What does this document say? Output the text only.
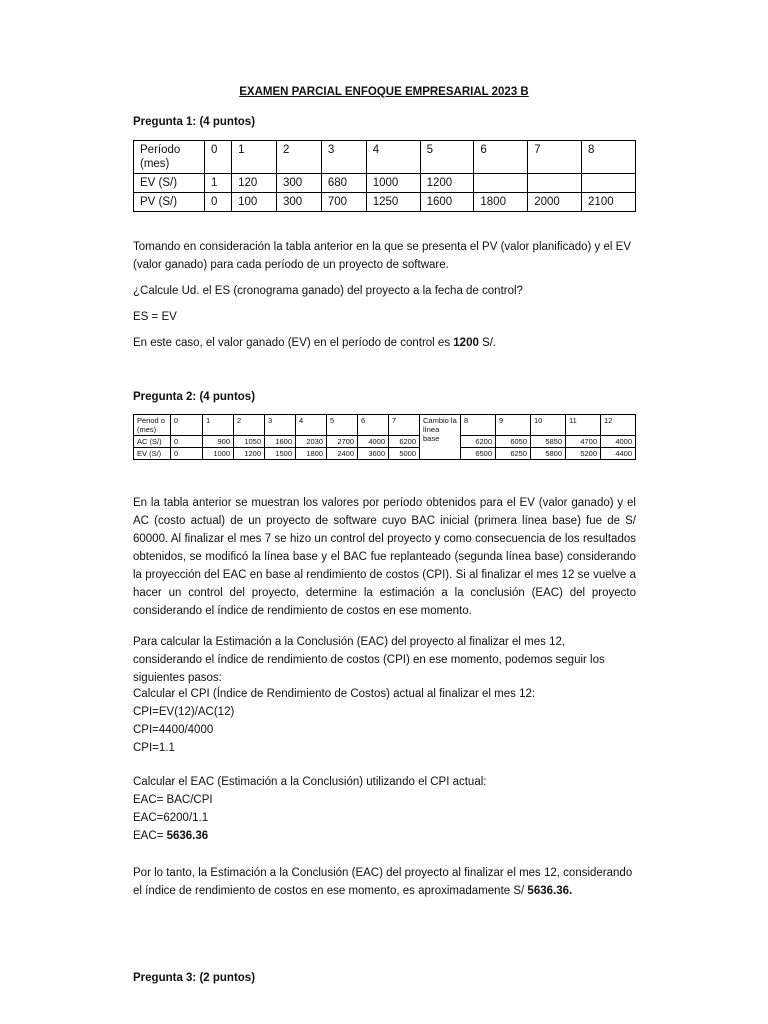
EXAMEN PARCIAL ENFOQUE EMPRESARIAL 2023 B
Pregunta 1: (4 puntos)
Período (mes)	0	1	2	3	4	5	6	7	8
EV (S/)	1	120	300	680	1000	1200			
PV (S/)	0	100	300	700	1250	1600	1800	2000	2100
Tomando en consideración la tabla anterior en la que se presenta el PV (valor planificado) y el EV (valor ganado) para cada período de un proyecto de software.
¿Calcule Ud. el ES (cronograma ganado) del proyecto a la fecha de control?
ES = EV
En este caso, el valor ganado (EV) en el período de control es 1200 S/.
Pregunta 2: (4 puntos)
Period o (mes)	0	1	2	3	4	5	6	7	Cambio la línea base	8	9	10	11	12
AC (S/)	0	900	1050	1600	2030	2700	4000	6200		6200	6050	5850	4700	4000
EV (S/)	0	1000	1200	1500	1800	2400	3600	5000		6500	6250	5800	5200	4400
En la tabla anterior se muestran los valores por período obtenidos para el EV (valor ganado) y el AC (costo actual) de un proyecto de software cuyo BAC inicial (primera línea base) fue de S/ 60000. Al finalizar el mes 7 se hizo un control del proyecto y como consecuencia de los resultados obtenidos, se modificó la línea base y el BAC fue replanteado (segunda línea base) considerando la proyección del EAC en base al rendimiento de costos (CPI). Si al finalizar el mes 12 se vuelve a hacer un control del proyecto, determine la estimación a la conclusión (EAC) del proyecto considerando el índice de rendimiento de costos en ese momento.
Para calcular la Estimación a la Conclusión (EAC) del proyecto al finalizar el mes 12, considerando el índice de rendimiento de costos (CPI) en ese momento, podemos seguir los siguientes pasos:
Calcular el CPI (Índice de Rendimiento de Costos) actual al finalizar el mes 12:
CPI=EV(12)/AC(12)
CPI=4400/4000
CPI=1.1
Calcular el EAC (Estimación a la Conclusión) utilizando el CPI actual:
EAC= BAC/CPI
EAC=6200/1.1
EAC= 5636.36
Por lo tanto, la Estimación a la Conclusión (EAC) del proyecto al finalizar el mes 12, considerando el índice de rendimiento de costos en ese momento, es aproximadamente S/ 5636.36.
Pregunta 3: (2 puntos)
